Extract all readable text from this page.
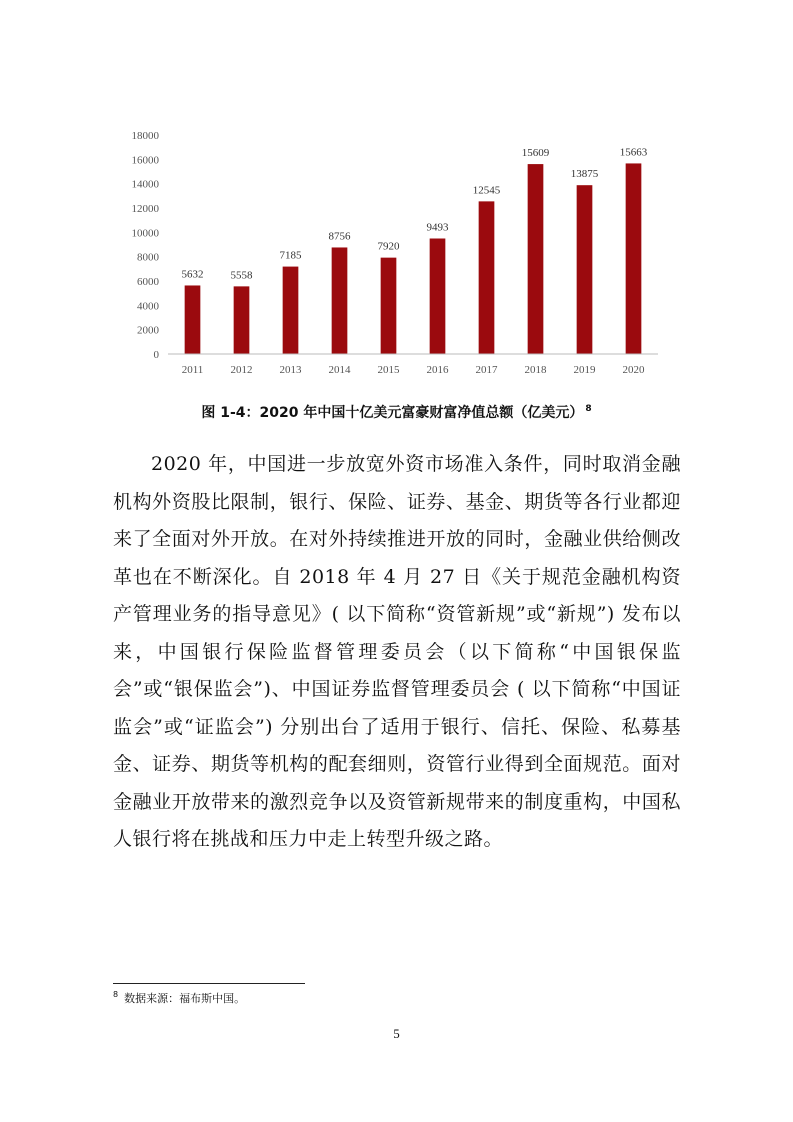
0
2000
4000
6000
8000
10000
12000
14000
16000
18000
5632 5558
7185
8756
7920
9493
12545
15609
13875
15663
2011 2012 2013 2014 2015 2016 2017 2018 2019 2020
图 1-4：2020 年中国十亿美元富豪财富净值总额（亿美元） $^8$

2020 年，中国进一步放宽外资市场准入条件，同时取消金融机构外资股比限制，银行、保险、证券、基金、期货等各行业都迎来了全面对外开放。在对外持续推进开放的同时，金融业供给侧改革也在不断深化。自 2018 年 4 月 27 日《关于规范金融机构资产管理业务的指导意见》( 以下简称“资管新规”或“新规”) 发布以来，中国银行保险监督管理委员会（以下简称“中国银保监会”或“银保监会”)、中国证券监督管理委员会 ( 以下简称“中国证监会”或“证监会”) 分别出台了适用于银行、信托、保险、私募基金、证券、期货等机构的配套细则，资管行业得到全面规范。面对金融业开放带来的激烈竞争以及资管新规带来的制度重构，中国私人银行将在挑战和压力中走上转型升级之路。

$^8$ 数据来源：福布斯中国。
5
